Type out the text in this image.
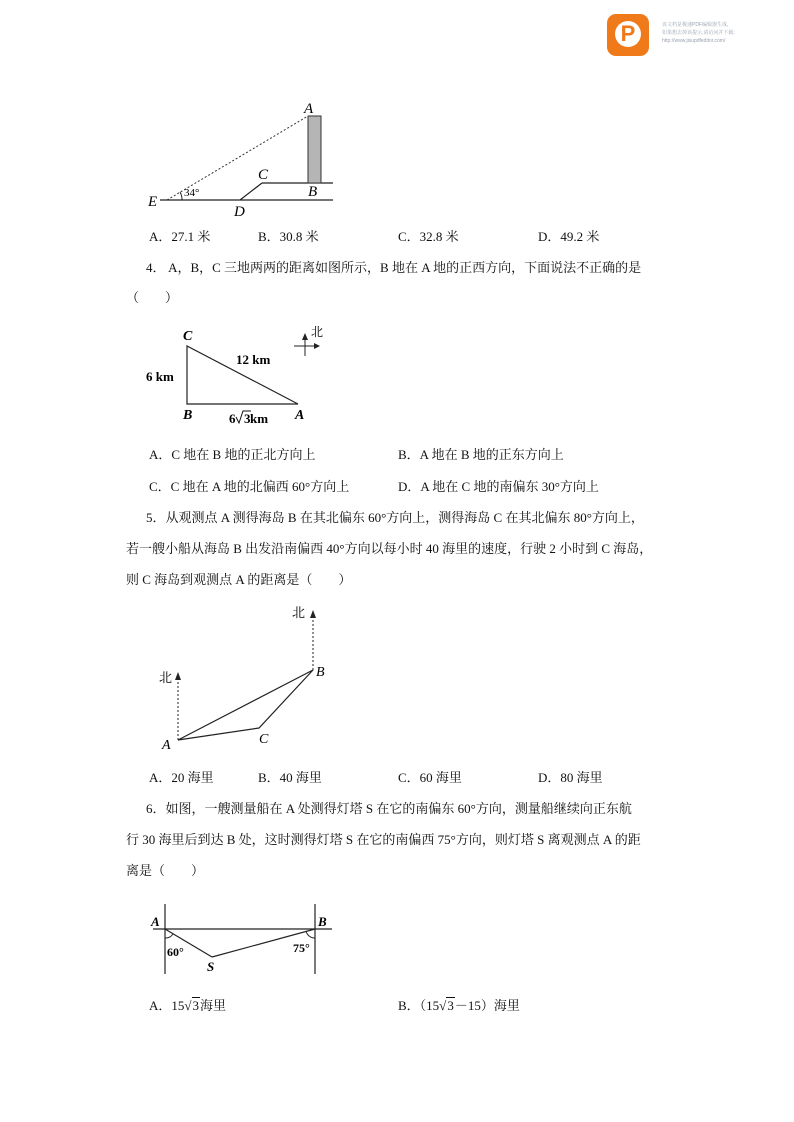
P	该文档是极速PDF编辑器生成,
如果想去掉该提示,请访问并下载:
http://www.jisupdfeditor.com/
A
C
B
E
D
34°
A．27.1 米	B．30.8 米	C．32.8 米	D．49.2 米
4． A，B，C 三地两两的距离如图所示，B 地在 A 地的正西方向，下面说法不正确的是
（　　）
C
B	A
6 km
12 km
6 3 km
北
A．C 地在 B 地的正北方向上	B．A 地在 B 地的正东方向上
C．C 地在 A 地的北偏西 60°方向上	D．A 地在 C 地的南偏东 30°方向上
5．从观测点 A 测得海岛 B 在其北偏东 60°方向上，测得海岛 C 在其北偏东 80°方向上，
若一艘小船从海岛 B 出发沿南偏西 40°方向以每小时 40 海里的速度，行驶 2 小时到 C 海岛，
则 C 海岛到观测点 A 的距离是（　　）
北
北
A
B
C
A．20 海里	B．40 海里	C．60 海里	D．80 海里
6．如图，一艘测量船在 A 处测得灯塔 S 在它的南偏东 60°方向，测量船继续向正东航
行 30 海里后到达 B 处，这时测得灯塔 S 在它的南偏西 75°方向，则灯塔 S 离观测点 A 的距
离是（　　）
A	B
S
60°	75°
A．15√3海里	B．（15√3－15）海里
